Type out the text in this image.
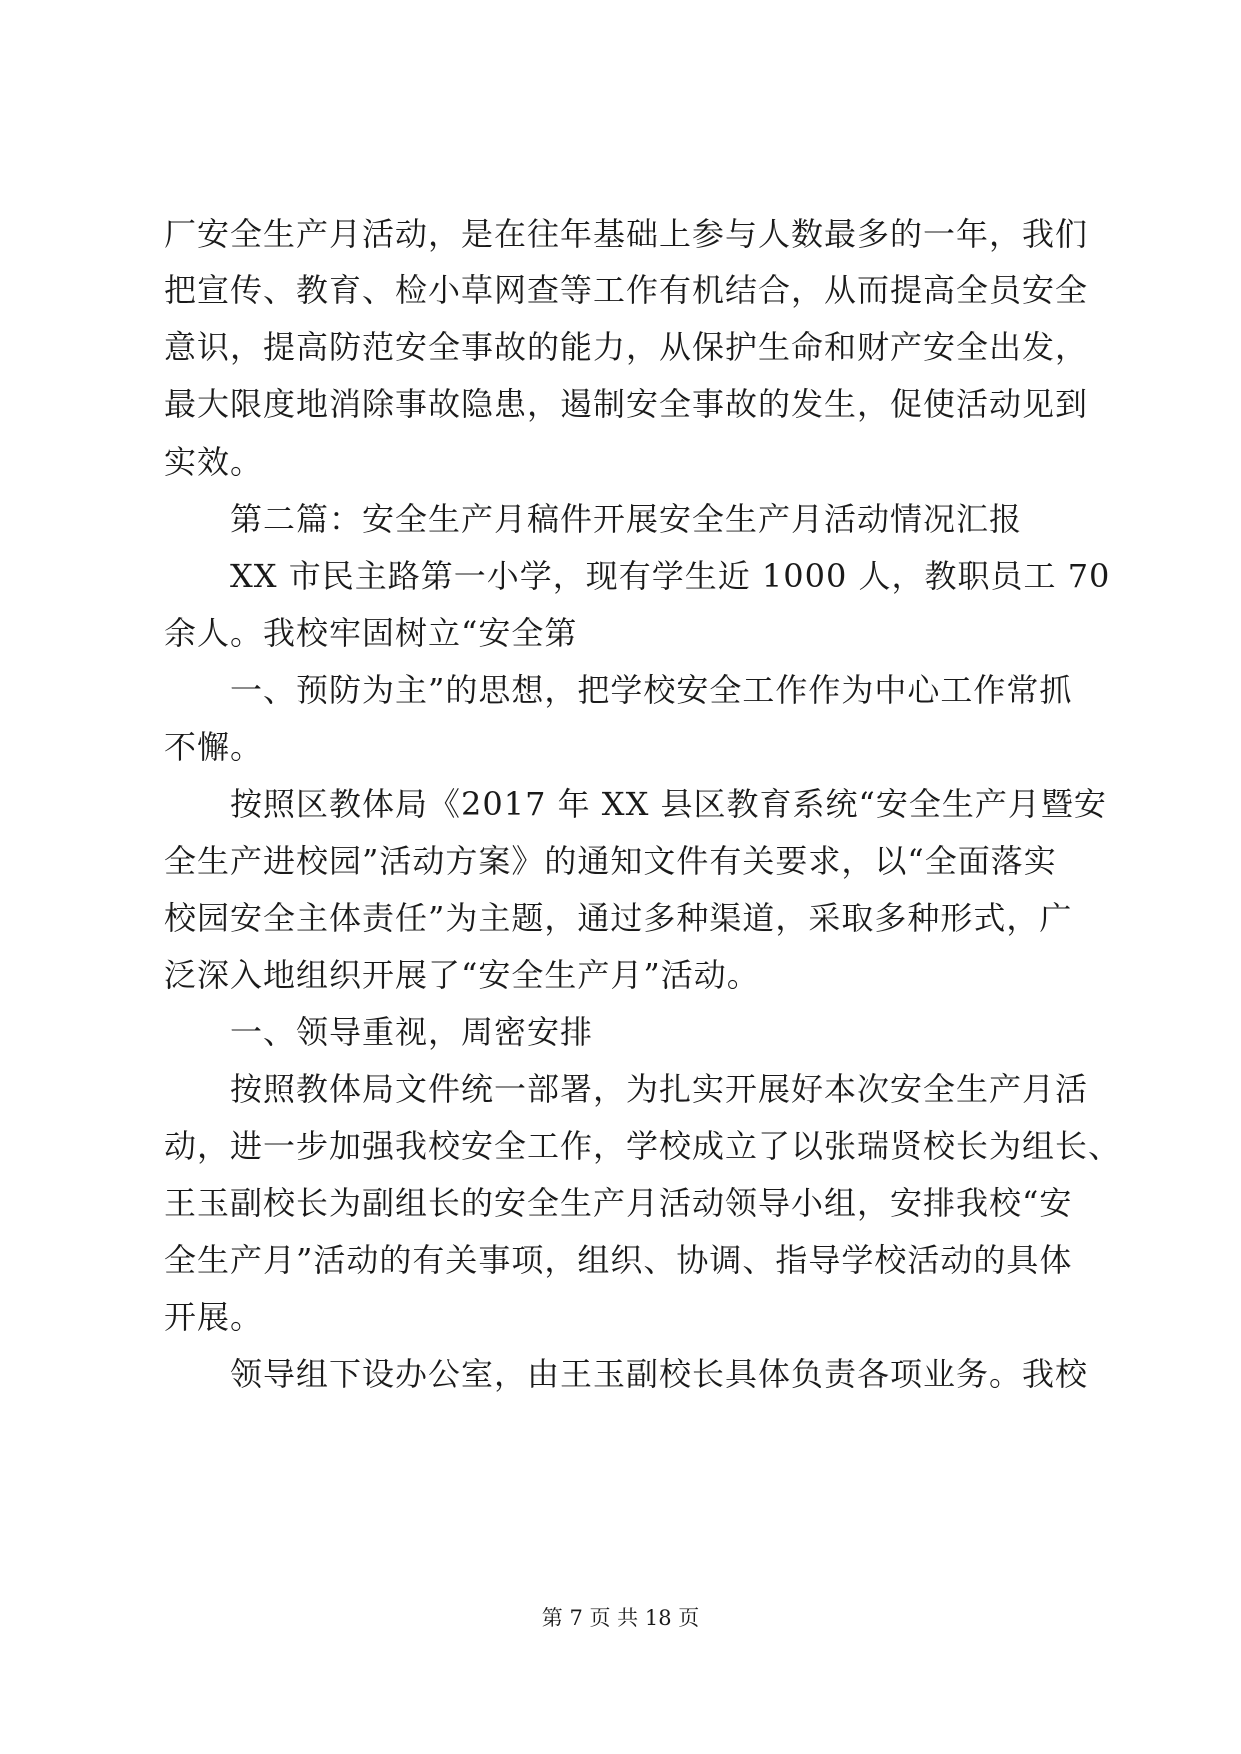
厂安全生产月活动，是在往年基础上参与人数最多的一年，我们
把宣传、教育、检小草网查等工作有机结合，从而提高全员安全
意识，提高防范安全事故的能力，从保护生命和财产安全出发，
最大限度地消除事故隐患，遏制安全事故的发生，促使活动见到
实效。
第二篇：安全生产月稿件开展安全生产月活动情况汇报
XX 市民主路第一小学，现有学生近 1000 人，教职员工 70
余人。我校牢固树立“安全第
一、预防为主”的思想，把学校安全工作作为中心工作常抓
不懈。
按照区教体局《2017 年 XX 县区教育系统“安全生产月暨安
全生产进校园”活动方案》的通知文件有关要求，以“全面落实
校园安全主体责任”为主题，通过多种渠道，采取多种形式，广
泛深入地组织开展了“安全生产月”活动。
一、领导重视，周密安排
按照教体局文件统一部署，为扎实开展好本次安全生产月活
动，进一步加强我校安全工作，学校成立了以张瑞贤校长为组长、
王玉副校长为副组长的安全生产月活动领导小组，安排我校“安
全生产月”活动的有关事项，组织、协调、指导学校活动的具体
开展。
领导组下设办公室，由王玉副校长具体负责各项业务。我校
第 7 页 共 18 页
